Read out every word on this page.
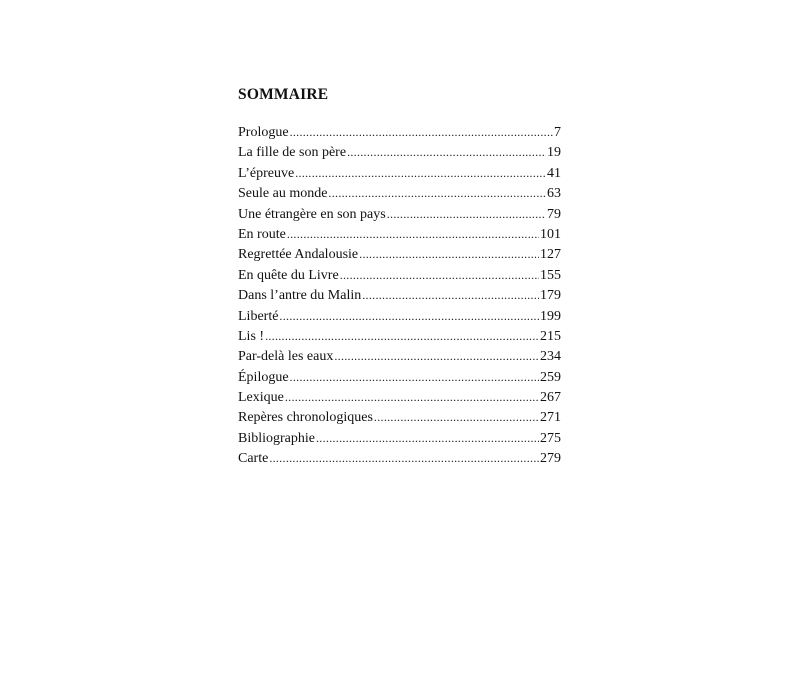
SOMMAIRE
Prologue .....	7
La fille de son père .....	19
L’épreuve .....	41
Seule au monde .....	63
Une étrangère en son pays .....	79
En route .....	101
Regrettée Andalousie .....	127
En quête du Livre .....	155
Dans l’antre du Malin .....	179
Liberté .....	199
Lis ! .....	215
Par-delà les eaux .....	234
Épilogue .....	259
Lexique .....	267
Repères chronologiques .....	271
Bibliographie .....	275
Carte .....	279
